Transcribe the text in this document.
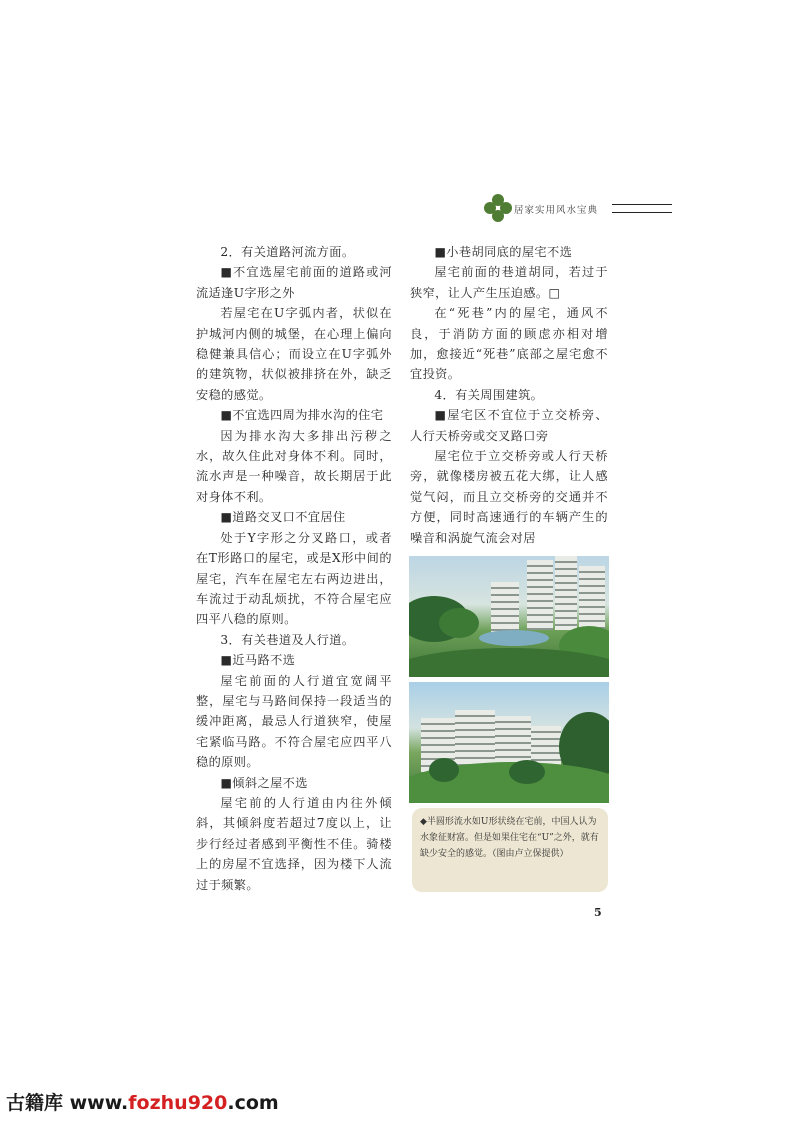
居家实用风水宝典

2．有关道路河流方面。

■不宜选屋宅前面的道路或河流适逢U字形之外

若屋宅在U字弧内者，状似在护城河内侧的城堡，在心理上偏向稳健兼具信心；而设立在U字弧外的建筑物，状似被排挤在外，缺乏安稳的感觉。

■不宜选四周为排水沟的住宅

因为排水沟大多排出污秽之水，故久住此对身体不利。同时，流水声是一种噪音，故长期居于此对身体不利。

■道路交叉口不宜居住

处于Y字形之分叉路口，或者在T形路口的屋宅，或是X形中间的屋宅，汽车在屋宅左右两边进出，车流过于动乱烦扰，不符合屋宅应四平八稳的原则。

3．有关巷道及人行道。

■近马路不选

屋宅前面的人行道宜宽阔平整，屋宅与马路间保持一段适当的缓冲距离，最忌人行道狭窄，使屋宅紧临马路。不符合屋宅应四平八稳的原则。

■倾斜之屋不选

屋宅前的人行道由内往外倾斜，其倾斜度若超过7度以上，让步行经过者感到平衡性不佳。骑楼上的房屋不宜选择，因为楼下人流过于频繁。

■小巷胡同底的屋宅不选

屋宅前面的巷道胡同，若过于狭窄，让人产生压迫感。□

在“死巷”内的屋宅，通风不良，于消防方面的顾虑亦相对增加，愈接近“死巷”底部之屋宅愈不宜投资。

4．有关周围建筑。

■屋宅区不宜位于立交桥旁、人行天桥旁或交叉路口旁

屋宅位于立交桥旁或人行天桥旁，就像楼房被五花大绑，让人感觉气闷，而且立交桥旁的交通并不方便，同时高速通行的车辆产生的噪音和涡旋气流会对居

◆半圆形流水如U形状绕在宅前，中国人认为水象征财富。但是如果住宅在“U”之外，就有缺少安全的感觉。（图由卢立保提供）
5
古籍库 www.fozhu920.com
